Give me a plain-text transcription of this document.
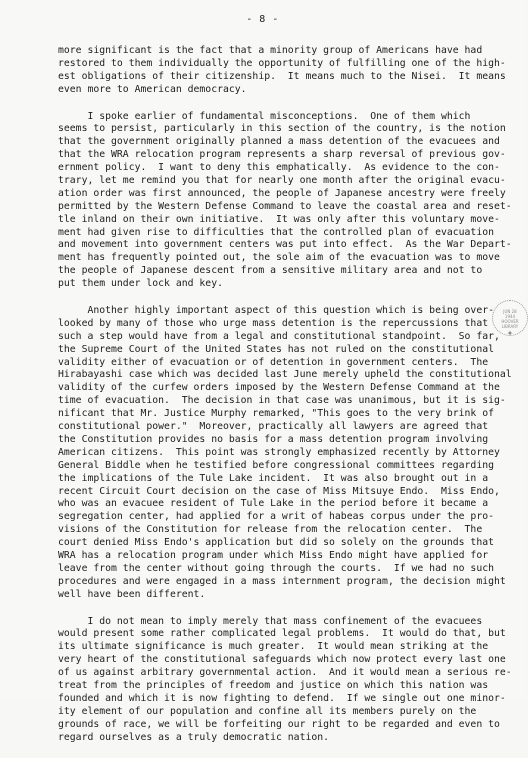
- 8 -
more significant is the fact that a minority group of Americans have had
restored to them individually the opportunity of fulfilling one of the high-
est obligations of their citizenship.  It means much to the Nisei.  It means
even more to American democracy.
I spoke earlier of fundamental misconceptions.  One of them which
seems to persist, particularly in this section of the country, is the notion
that the government originally planned a mass detention of the evacuees and
that the WRA relocation program represents a sharp reversal of previous gov-
ernment policy.  I want to deny this emphatically.  As evidence to the con-
trary, let me remind you that for nearly one month after the original evacu-
ation order was first announced, the people of Japanese ancestry were freely
permitted by the Western Defense Command to leave the coastal area and reset-
tle inland on their own initiative.  It was only after this voluntary move-
ment had given rise to difficulties that the controlled plan of evacuation
and movement into government centers was put into effect.  As the War Depart-
ment has frequently pointed out, the sole aim of the evacuation was to move
the people of Japanese descent from a sensitive military area and not to
put them under lock and key.
Another highly important aspect of this question which is being over-
looked by many of those who urge mass detention is the repercussions that
such a step would have from a legal and constitutional standpoint.  So far,
the Supreme Court of the United States has not ruled on the constitutional
validity either of evacuation or of detention in government centers.  The
Hirabayashi case which was decided last June merely upheld the constitutional
validity of the curfew orders imposed by the Western Defense Command at the
time of evacuation.  The decision in that case was unanimous, but it is sig-
nificant that Mr. Justice Murphy remarked, "This goes to the very brink of
constitutional power."  Moreover, practically all lawyers are agreed that
the Constitution provides no basis for a mass detention program involving
American citizens.  This point was strongly emphasized recently by Attorney
General Biddle when he testified before congressional committees regarding
the implications of the Tule Lake incident.  It was also brought out in a
recent Circuit Court decision on the case of Miss Mitsuye Endo.  Miss Endo,
who was an evacuee resident of Tule Lake in the period before it became a
segregation center, had applied for a writ of habeas corpus under the pro-
visions of the Constitution for release from the relocation center.  The
court denied Miss Endo's application but did so solely on the grounds that
WRA has a relocation program under which Miss Endo might have applied for
leave from the center without going through the courts.  If we had no such
procedures and were engaged in a mass internment program, the decision might
well have been different.
I do not mean to imply merely that mass confinement of the evacuees
would present some rather complicated legal problems.  It would do that, but
its ultimate significance is much greater.  It would mean striking at the
very heart of the constitutional safeguards which now protect every last one
of us against arbitrary governmental action.  And it would mean a serious re-
treat from the principles of freedom and justice on which this nation was
founded and which it is now fighting to defend.  If we single out one minor-
ity element of our population and confine all its members purely on the
grounds of race, we will be forfeiting our right to be regarded and even to
regard ourselves as a truly democratic nation.
JUN 28
1944
HOOVER
LIBRARY
✦
